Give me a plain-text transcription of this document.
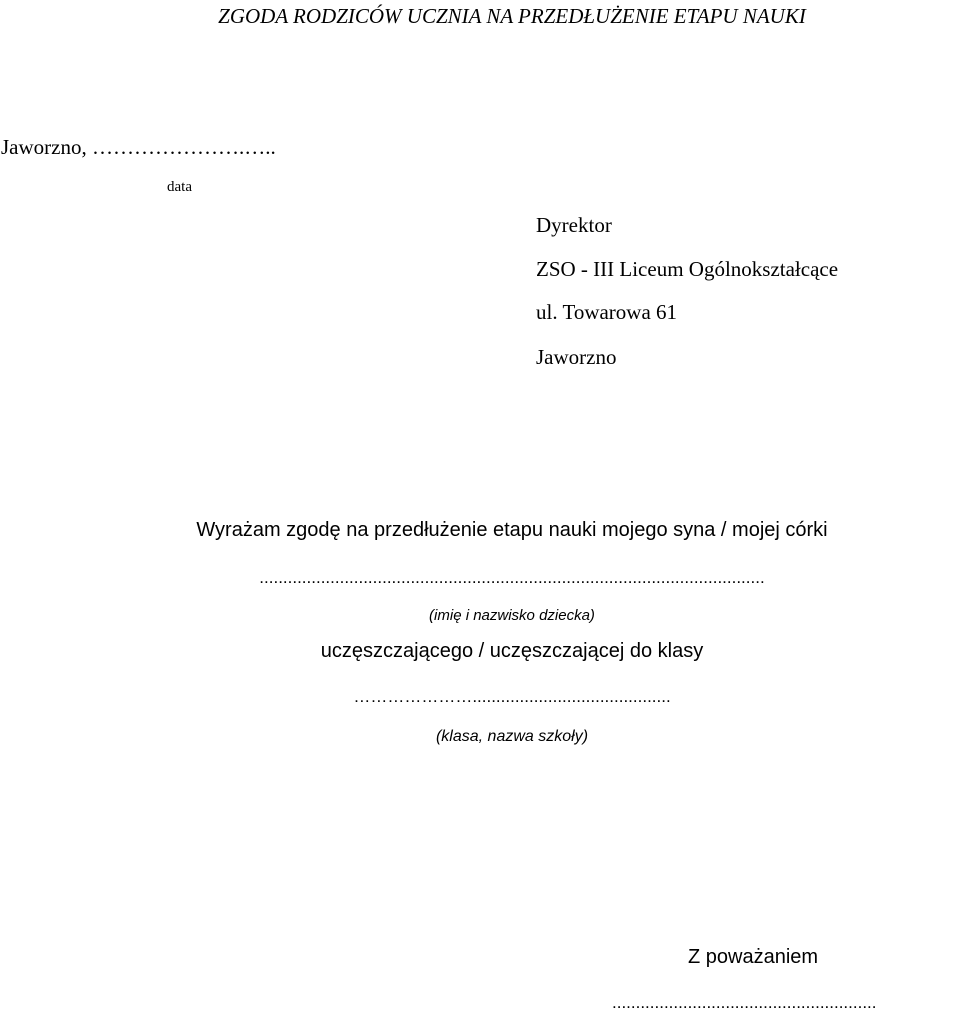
ZGODA RODZICÓW UCZNIA NA PRZEDŁUŻENIE ETAPU NAUKI
Jaworzno, ………………….…..
data
Dyrektor
ZSO - III Liceum Ogólnokształcące
ul. Towarowa 61
Jaworzno
Wyrażam zgodę na przedłużenie etapu nauki mojego syna / mojej córki
...........................................................................................................
(imię i nazwisko dziecka)
uczęszczającego / uczęszczającej do klasy
…………………..........................................
(klasa, nazwa szkoły)
Z poważaniem
........................................................
